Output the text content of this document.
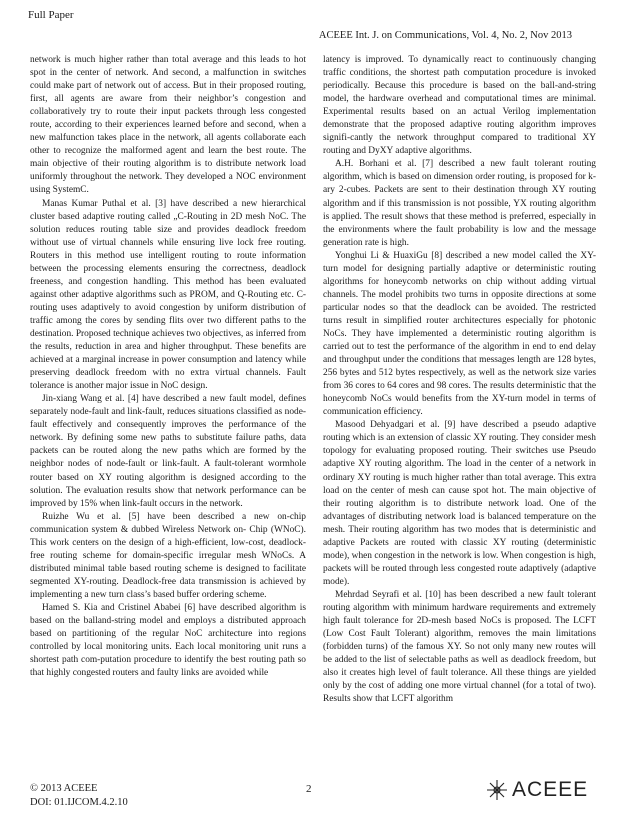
Full Paper
ACEEE Int. J. on Communications, Vol. 4, No. 2, Nov 2013

network is much higher rather than total average and this leads to hot spot in the center of network. And second, a malfunction in switches could make part of network out of access. But in their proposed routing, first, all agents are aware from their neighbor’s congestion and collaboratively try to route their input packets through less congested route, according to their experiences learned before and second, when a new malfunction takes place in the network, all agents collaborate each other to recognize the malformed agent and learn the best route. The main objective of their routing algorithm is to distribute network load uniformly throughout the network. They developed a NOC environment using SystemC.

Manas Kumar Puthal et al. [3] have described a new hierarchical cluster based adaptive routing called „C-Routing in 2D mesh NoC. The solution reduces routing table size and provides deadlock freedom without use of virtual channels while ensuring live lock free routing. Routers in this method use intelligent routing to route information between the processing elements ensuring the correctness, deadlock freeness, and congestion handling. This method has been evaluated against other adaptive algorithms such as PROM, and Q-Routing etc. C-routing uses adaptively to avoid congestion by uniform distribution of traffic among the cores by sending flits over two different paths to the destination. Proposed technique achieves two objectives, as inferred from the results, reduction in area and higher throughput. These benefits are achieved at a marginal increase in power consumption and latency while preserving deadlock freedom with no extra virtual channels. Fault tolerance is another major issue in NoC design.

Jin-xiang Wang et al. [4] have described a new fault model, defines separately node-fault and link-fault, reduces situations classified as node-fault effectively and consequently improves the performance of the network. By defining some new paths to substitute failure paths, data packets can be routed along the new paths which are formed by the neighbor nodes of node-fault or link-fault. A fault-tolerant wormhole router based on XY routing algorithm is designed according to the solution. The evaluation results show that network performance can be improved by 15% when link-fault occurs in the network.

Ruizhe Wu et al. [5] have been described a new on-chip communication system & dubbed Wireless Network on- Chip (WNoC). This work centers on the design of a high-efficient, low-cost, deadlock-free routing scheme for domain-specific irregular mesh WNoCs. A distributed minimal table based routing scheme is designed to facilitate segmented XY-routing. Deadlock-free data transmission is achieved by implementing a new turn class’s based buffer ordering scheme.

Hamed S. Kia and Cristinel Ababei [6] have described algorithm is based on the balland-string model and employs a distributed approach based on partitioning of the regular NoC architecture into regions controlled by local monitoring units. Each local monitoring unit runs a shortest path com-putation procedure to identify the best routing path so that highly congested routers and faulty links are avoided while

latency is improved. To dynamically react to continuously changing traffic conditions, the shortest path computation procedure is invoked periodically. Because this procedure is based on the ball-and-string model, the hardware overhead and computational times are minimal. Experimental results based on an actual Verilog implementation demonstrate that the proposed adaptive routing algorithm improves signifi-cantly the network throughput compared to traditional XY routing and DyXY adaptive algorithms.

A.H. Borhani et al. [7] described a new fault tolerant routing algorithm, which is based on dimension order routing, is proposed for k-ary 2-cubes. Packets are sent to their destination through XY routing algorithm and if this transmission is not possible, YX routing algorithm is applied. The result shows that these method is preferred, especially in the environments where the fault probability is low and the message generation rate is high.

Yonghui Li & HuaxiGu [8] described a new model called the XY-turn model for designing partially adaptive or deterministic routing algorithms for honeycomb networks on chip without adding virtual channels. The model prohibits two turns in opposite directions at some particular nodes so that the deadlock can be avoided. The restricted turns result in simplified router architectures especially for photonic NoCs. They have implemented a deterministic routing algorithm is carried out to test the performance of the algorithm in end to end delay and throughput under the conditions that messages length are 128 bytes, 256 bytes and 512 bytes respectively, as well as the network size varies from 36 cores to 64 cores and 98 cores. The results deterministic that the honeycomb NoCs would benefits from the XY-turn model in terms of communication efficiency.

Masood Dehyadgari et al. [9] have described a pseudo adaptive routing which is an extension of classic XY routing. They consider mesh topology for evaluating proposed routing. Their switches use Pseudo adaptive XY routing algorithm. The load in the center of a network in ordinary XY routing is much higher rather than total average. This extra load on the center of mesh can cause spot hot. The main objective of their routing algorithm is to distribute network load. One of the advantages of distributing network load is balanced temperature on the mesh. Their routing algorithm has two modes that is deterministic and adaptive Packets are routed with classic XY routing (deterministic mode), when congestion in the network is low. When congestion is high, packets will be routed through less congested route adaptively (adaptive mode).

Mehrdad Seyrafi et al. [10] has been described a new fault tolerant routing algorithm with minimum hardware requirements and extremely high fault tolerance for 2D-mesh based NoCs is proposed. The LCFT (Low Cost Fault Tolerant) algorithm, removes the main limitations (forbidden turns) of the famous XY. So not only many new routes will be added to the list of selectable paths as well as deadlock freedom, but also it creates high level of fault tolerance. All these things are yielded only by the cost of adding one more virtual channel (for a total of two). Results show that LCFT algorithm

2
© 2013 ACEEE
DOI: 01.IJCOM.4.2.10
ACEEE
